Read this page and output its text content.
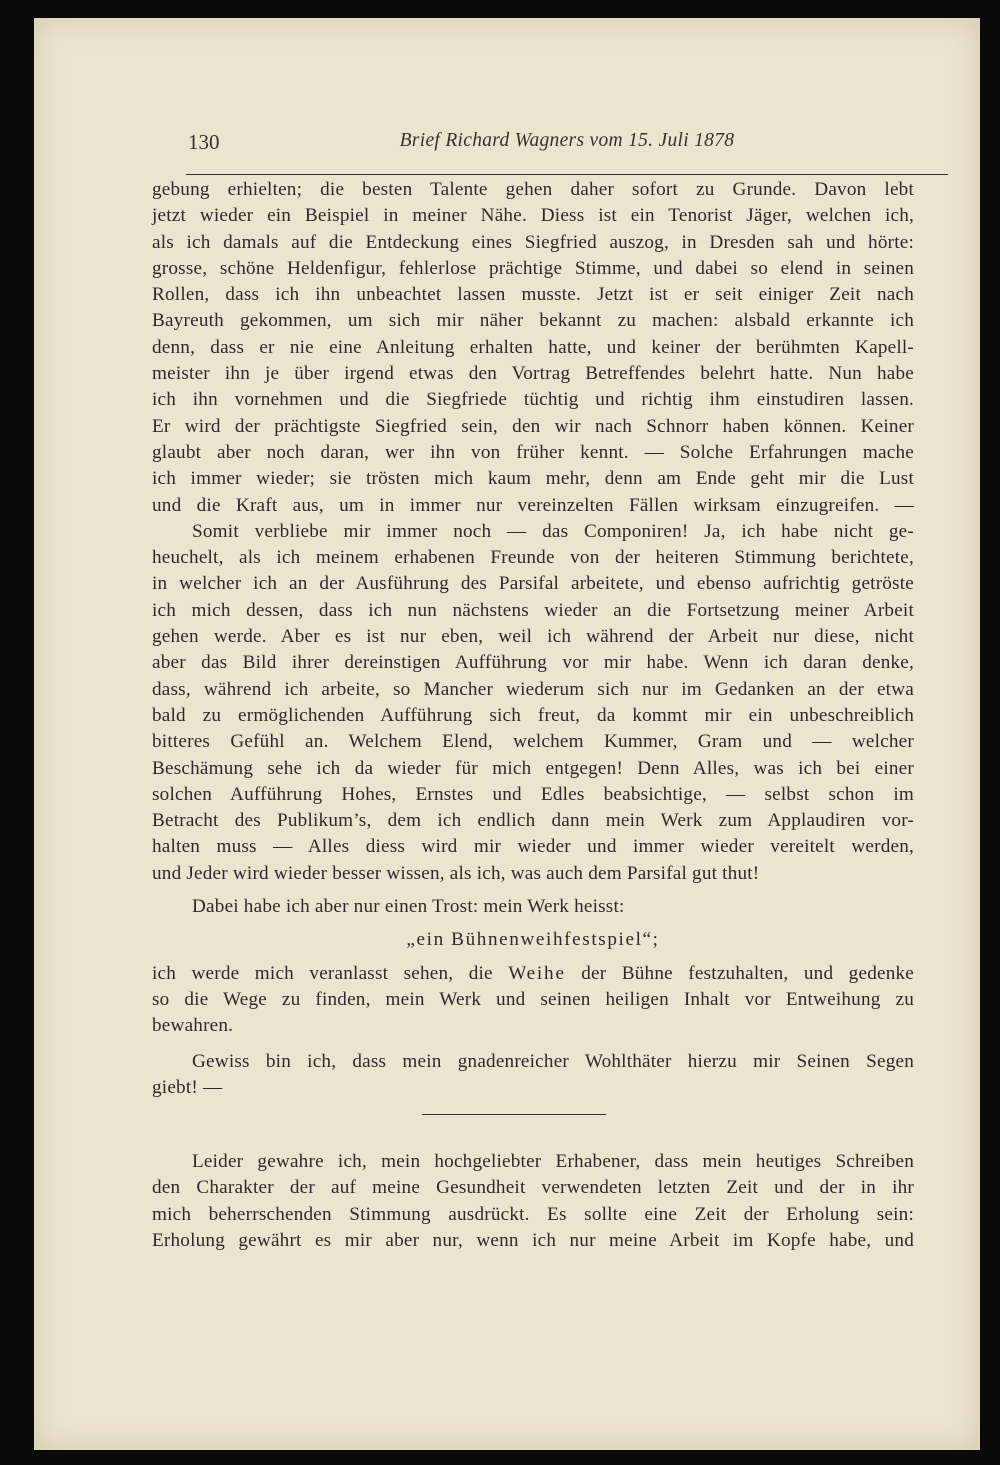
130	Brief Richard Wagners vom 15. Juli 1878
gebung erhielten; die besten Talente gehen daher sofort zu Grunde. Davon lebt
jetzt wieder ein Beispiel in meiner Nähe. Diess ist ein Tenorist Jäger, welchen ich,
als ich damals auf die Entdeckung eines Siegfried auszog, in Dresden sah und hörte:
grosse, schöne Heldenfigur, fehlerlose prächtige Stimme, und dabei so elend in seinen
Rollen, dass ich ihn unbeachtet lassen musste. Jetzt ist er seit einiger Zeit nach
Bayreuth gekommen, um sich mir näher bekannt zu machen: alsbald erkannte ich
denn, dass er nie eine Anleitung erhalten hatte, und keiner der berühmten Kapell-
meister ihn je über irgend etwas den Vortrag Betreffendes belehrt hatte. Nun habe
ich ihn vornehmen und die Siegfriede tüchtig und richtig ihm einstudiren lassen.
Er wird der prächtigste Siegfried sein, den wir nach Schnorr haben können. Keiner
glaubt aber noch daran, wer ihn von früher kennt. — Solche Erfahrungen mache
ich immer wieder; sie trösten mich kaum mehr, denn am Ende geht mir die Lust
und die Kraft aus, um in immer nur vereinzelten Fällen wirksam einzugreifen. —
Somit verbliebe mir immer noch — das Componiren! Ja, ich habe nicht ge-
heuchelt, als ich meinem erhabenen Freunde von der heiteren Stimmung berichtete,
in welcher ich an der Ausführung des Parsifal arbeitete, und ebenso aufrichtig getröste
ich mich dessen, dass ich nun nächstens wieder an die Fortsetzung meiner Arbeit
gehen werde. Aber es ist nur eben, weil ich während der Arbeit nur diese, nicht
aber das Bild ihrer dereinstigen Aufführung vor mir habe. Wenn ich daran denke,
dass, während ich arbeite, so Mancher wiederum sich nur im Gedanken an der etwa
bald zu ermöglichenden Aufführung sich freut, da kommt mir ein unbeschreiblich
bitteres Gefühl an. Welchem Elend, welchem Kummer, Gram und — welcher
Beschämung sehe ich da wieder für mich entgegen! Denn Alles, was ich bei einer
solchen Aufführung Hohes, Ernstes und Edles beabsichtige, — selbst schon im
Betracht des Publikum’s, dem ich endlich dann mein Werk zum Applaudiren vor-
halten muss — Alles diess wird mir wieder und immer wieder vereitelt werden,
und Jeder wird wieder besser wissen, als ich, was auch dem Parsifal gut thut!
Dabei habe ich aber nur einen Trost: mein Werk heisst:
„ein Bühnenweihfestspiel“;
ich werde mich veranlasst sehen, die Weihe der Bühne festzuhalten, und gedenke
so die Wege zu finden, mein Werk und seinen heiligen Inhalt vor Entweihung zu
bewahren.
Gewiss bin ich, dass mein gnadenreicher Wohlthäter hierzu mir Seinen Segen
giebt! —
Leider gewahre ich, mein hochgeliebter Erhabener, dass mein heutiges Schreiben
den Charakter der auf meine Gesundheit verwendeten letzten Zeit und der in ihr
mich beherrschenden Stimmung ausdrückt. Es sollte eine Zeit der Erholung sein:
Erholung gewährt es mir aber nur, wenn ich nur meine Arbeit im Kopfe habe, und
